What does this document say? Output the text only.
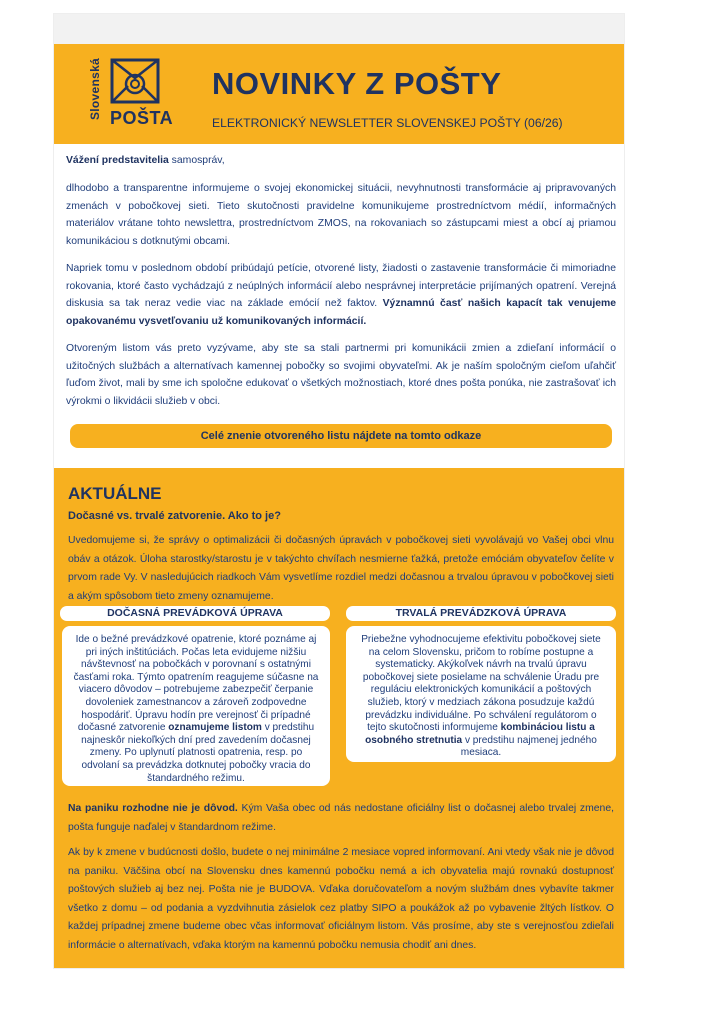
Slovenská POŠTA
NOVINKY Z POŠTY
ELEKTRONICKÝ NEWSLETTER SLOVENSKEJ POŠTY (06/26)
Vážení predstavitelia samospráv,
dlhodobo a transparentne informujeme o svojej ekonomickej situácii, nevyhnutnosti transformácie aj pripravovaných zmenách v pobočkovej sieti. Tieto skutočnosti pravidelne komunikujeme prostredníctvom médií, informačných materiálov vrátane tohto newslettra, prostredníctvom ZMOS, na rokovaniach so zástupcami miest a obcí aj priamou komunikáciou s dotknutými obcami.
Napriek tomu v poslednom období pribúdajú petície, otvorené listy, žiadosti o zastavenie transformácie či mimoriadne rokovania, ktoré často vychádzajú z neúplných informácií alebo nesprávnej interpretácie prijímaných opatrení. Verejná diskusia sa tak neraz vedie viac na základe emócií než faktov. Významnú časť našich kapacít tak venujeme opakovanému vysvetľovaniu už komunikovaných informácií.
Otvoreným listom vás preto vyzývame, aby ste sa stali partnermi pri komunikácii zmien a zdieľaní informácií o užitočných službách a alternatívach kamennej pobočky so svojimi obyvateľmi. Ak je naším spoločným cieľom uľahčiť ľuďom život, mali by sme ich spoločne edukovať o všetkých možnostiach, ktoré dnes pošta ponúka, nie zastrašovať ich výrokmi o likvidácii služieb v obci.
Celé znenie otvoreného listu nájdete na tomto odkaze
AKTUÁLNE
Dočasné vs. trvalé zatvorenie. Ako to je?
Uvedomujeme si, že správy o optimalizácii či dočasných úpravách v pobočkovej sieti vyvolávajú vo Vašej obci vlnu obáv a otázok. Úloha starostky/starostu je v takýchto chvíľach nesmierne ťažká, pretože emóciám obyvateľov čelíte v prvom rade Vy. V nasledujúcich riadkoch Vám vysvetlíme rozdiel medzi dočasnou a trvalou úpravou v pobočkovej sieti a akým spôsobom tieto zmeny oznamujeme.
DOČASNÁ PREVÁDKOVÁ ÚPRAVA	TRVALÁ PREVÁDZKOVÁ ÚPRAVA
Ide o bežné prevádzkové opatrenie, ktoré poznáme aj pri iných inštitúciách. Počas leta evidujeme nižšiu návštevnosť na pobočkách v porovnaní s ostatnými časťami roka. Týmto opatrením reagujeme súčasne na viacero dôvodov – potrebujeme zabezpečiť čerpanie dovoleniek zamestnancov a zároveň zodpovedne hospodáriť. Úpravu hodín pre verejnosť či prípadné dočasné zatvorenie oznamujeme listom v predstihu najneskôr niekoľkých dní pred zavedením dočasnej zmeny. Po uplynutí platnosti opatrenia, resp. po odvolaní sa prevádzka dotknutej pobočky vracia do štandardného režimu.
Priebežne vyhodnocujeme efektivitu pobočkovej siete na celom Slovensku, pričom to robíme postupne a systematicky. Akýkoľvek návrh na trvalú úpravu pobočkovej siete posielame na schválenie Úradu pre reguláciu elektronických komunikácií a poštových služieb, ktorý v medziach zákona posudzuje každú prevádzku individuálne. Po schválení regulátorom o tejto skutočnosti informujeme kombináciou listu a osobného stretnutia v predstihu najmenej jedného mesiaca.
Na paniku rozhodne nie je dôvod. Kým Vaša obec od nás nedostane oficiálny list o dočasnej alebo trvalej zmene, pošta funguje naďalej v štandardnom režime.
Ak by k zmene v budúcnosti došlo, budete o nej minimálne 2 mesiace vopred informovaní. Ani vtedy však nie je dôvod na paniku. Väčšina obcí na Slovensku dnes kamennú pobočku nemá a ich obyvatelia majú rovnakú dostupnosť poštových služieb aj bez nej. Pošta nie je BUDOVA. Vďaka doručovateľom a novým službám dnes vybavíte takmer všetko z domu – od podania a vyzdvihnutia zásielok cez platby SIPO a poukážok až po vybavenie žltých lístkov. O každej prípadnej zmene budeme obec včas informovať oficiálnym listom. Vás prosíme, aby ste s verejnosťou zdieľali informácie o alternatívach, vďaka ktorým na kamennú pobočku nemusia chodiť ani dnes.
